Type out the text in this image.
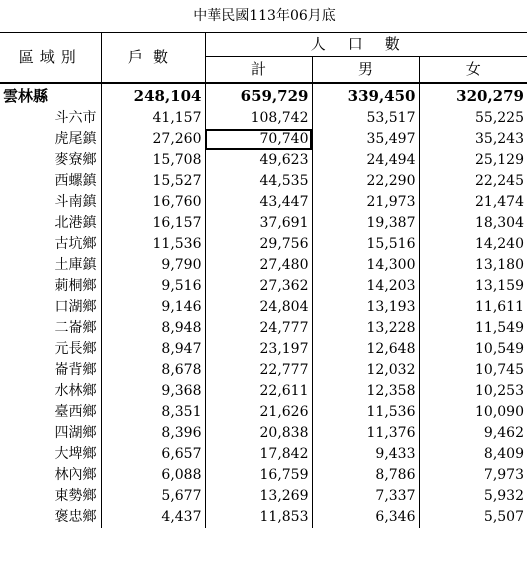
中華民國113年06月底
區域別	戶數	人口數		
		計	男	女
雲林縣	248,104	659,729	339,450	320,279
斗六市	41,157	108,742	53,517	55,225
虎尾鎮	27,260	70,740	35,497	35,243
麥寮鄉	15,708	49,623	24,494	25,129
西螺鎮	15,527	44,535	22,290	22,245
斗南鎮	16,760	43,447	21,973	21,474
北港鎮	16,157	37,691	19,387	18,304
古坑鄉	11,536	29,756	15,516	14,240
土庫鎮	9,790	27,480	14,300	13,180
莿桐鄉	9,516	27,362	14,203	13,159
口湖鄉	9,146	24,804	13,193	11,611
二崙鄉	8,948	24,777	13,228	11,549
元長鄉	8,947	23,197	12,648	10,549
崙背鄉	8,678	22,777	12,032	10,745
水林鄉	9,368	22,611	12,358	10,253
臺西鄉	8,351	21,626	11,536	10,090
四湖鄉	8,396	20,838	11,376	9,462
大埤鄉	6,657	17,842	9,433	8,409
林內鄉	6,088	16,759	8,786	7,973
東勢鄉	5,677	13,269	7,337	5,932
褒忠鄉	4,437	11,853	6,346	5,507
